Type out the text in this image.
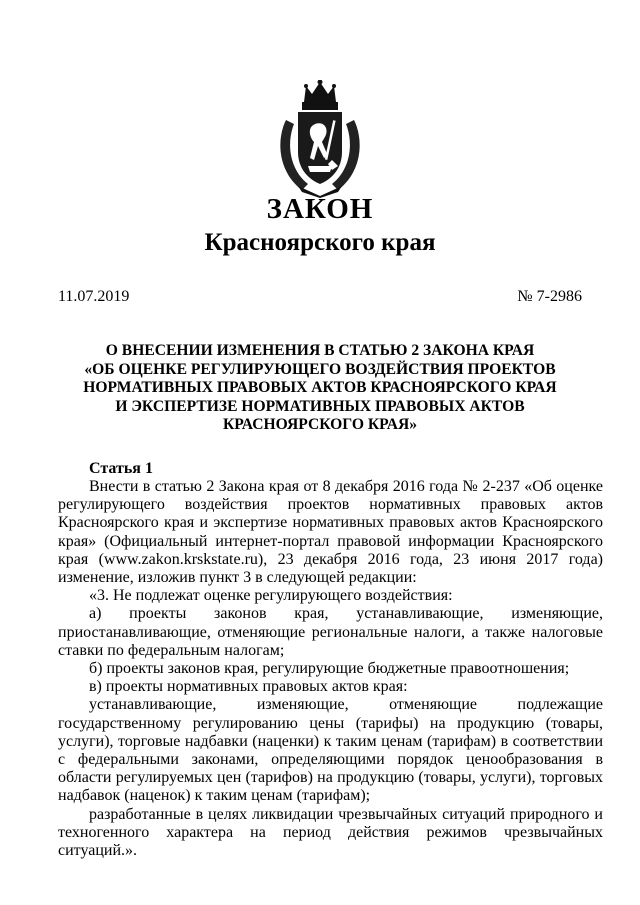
ЗАКОН
Красноярского края
11.07.2019	№ 7-2986
О ВНЕСЕНИИ ИЗМЕНЕНИЯ В СТАТЬЮ 2 ЗАКОНА КРАЯ
«ОБ ОЦЕНКЕ РЕГУЛИРУЮЩЕГО ВОЗДЕЙСТВИЯ ПРОЕКТОВ
НОРМАТИВНЫХ ПРАВОВЫХ АКТОВ КРАСНОЯРСКОГО КРАЯ
И ЭКСПЕРТИЗЕ НОРМАТИВНЫХ ПРАВОВЫХ АКТОВ
КРАСНОЯРСКОГО КРАЯ»
Статья 1

Внести в статью 2 Закона края от 8 декабря 2016 года № 2-237 «Об оценке регулирующего воздействия проектов нормативных правовых актов Красноярского края и экспертизе нормативных правовых актов Красноярского края» (Официальный интернет-портал правовой информации Красноярского края (www.zakon.krskstate.ru), 23 декабря 2016 года, 23 июня 2017 года) изменение, изложив пункт 3 в следующей редакции:

«3. Не подлежат оценке регулирующего воздействия:

а) проекты законов края, устанавливающие, изменяющие, приостанавливающие, отменяющие региональные налоги, а также налоговые ставки по федеральным налогам;

б) проекты законов края, регулирующие бюджетные правоотношения;

в) проекты нормативных правовых актов края:

устанавливающие, изменяющие, отменяющие подлежащие государственному регулированию цены (тарифы) на продукцию (товары, услуги), торговые надбавки (наценки) к таким ценам (тарифам) в соответствии с федеральными законами, определяющими порядок ценообразования в области регулируемых цен (тарифов) на продукцию (товары, услуги), торговых надбавок (наценок) к таким ценам (тарифам);

разработанные в целях ликвидации чрезвычайных ситуаций природного и техногенного характера на период действия режимов чрезвычайных ситуаций.».
